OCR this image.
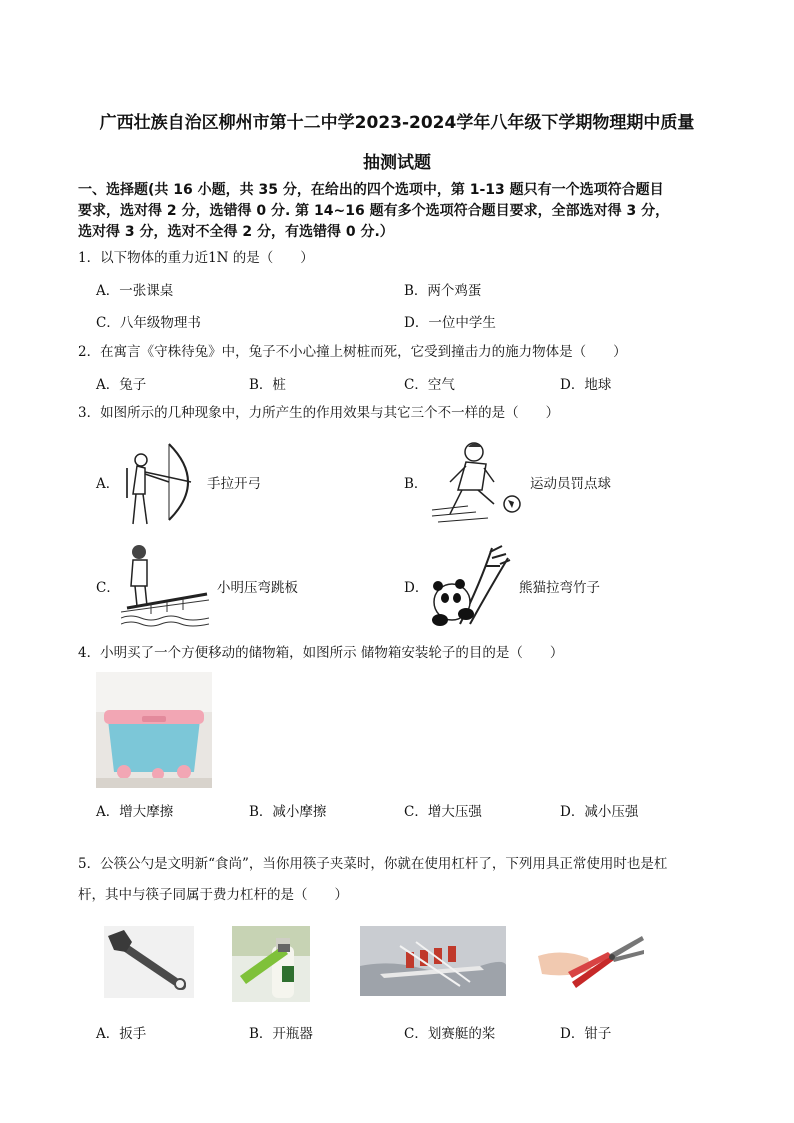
广西壮族自治区柳州市第十二中学2023-2024学年八年级下学期物理期中质量
抽测试题
一、选择题(共 16 小题，共 35 分，在给出的四个选项中，第 1-13 题只有一个选项符合题目
要求，选对得 2 分，选错得 0 分. 第 14~16 题有多个选项符合题目要求，全部选对得 3 分，
选对得 3 分，选对不全得 2 分，有选错得 0 分.）
1．以下物体的重力近1N 的是（　　）
A．一张课桌	B．两个鸡蛋
C．八年级物理书	D．一位中学生
2．在寓言《守株待兔》中，兔子不小心撞上树桩而死，它受到撞击力的施力物体是（　　）
A．兔子	B．桩	C．空气	D．地球
3．如图所示的几种现象中，力所产生的作用效果与其它三个不一样的是（　　）
A．	手拉开弓	B．	运动员罚点球
C．	小明压弯跳板	D．	熊猫拉弯竹子
4．小明买了一个方便移动的储物箱，如图所示 储物箱安装轮子的目的是（　　）
A．增大摩擦	B．减小摩擦	C．增大压强	D．减小压强
5．公筷公勺是文明新“食尚”，当你用筷子夹菜时，你就在使用杠杆了，下列用具正常使用时也是杠
杆，其中与筷子同属于费力杠杆的是（　　）
A．扳手	B．开瓶器	C．划赛艇的桨	D．钳子
